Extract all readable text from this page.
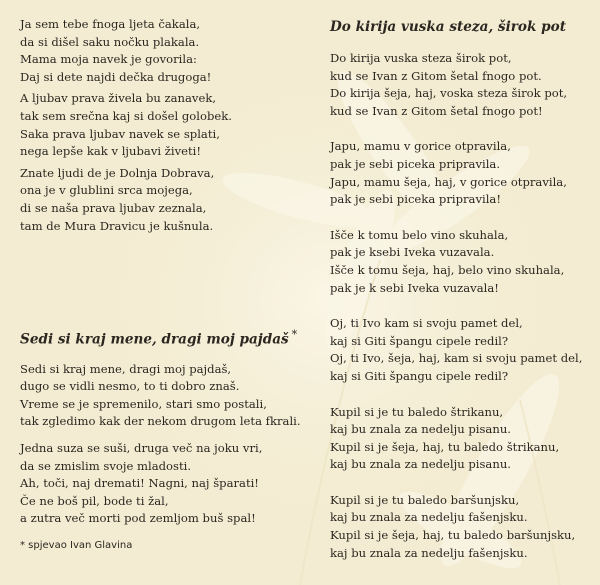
Ja sem tebe fnoga ljeta čakala,
da si dišel saku nočku plakala.
Mama moja navek je govorila:
Daj si dete najdi dečka drugoga!

A ljubav prava živela bu zanavek,
tak sem srečna kaj si došel golobek.
Saka prava ljubav navek se splati,
nega lepše kak v ljubavi živeti!

Znate ljudi de je Dolnja Dobrava,
ona je v glublini srca mojega,
di se naša prava ljubav zeznala,
tam de Mura Dravicu je kušnula.

Sedi si kraj mene, dragi moj pajdaš *

Sedi si kraj mene, dragi moj pajdaš,
dugo se vidli nesmo, to ti dobro znaš.
Vreme se je spremenilo, stari smo postali,
tak zgledimo kak der nekom drugom leta fkrali.

Jedna suza se suši, druga več na joku vri,
da se zmislim svoje mladosti.
Ah, toči, naj dremati! Nagni, naj šparati!
Če ne boš pil, bode ti žal,
a zutra več morti pod zemljom buš spal!

* spjevao Ivan Glavina
Do kirija vuska steza, širok pot

Do kirija vuska steza širok pot,
kud se Ivan z Gitom šetal fnogo pot.
Do kirija šeja, haj, voska steza širok pot,
kud se Ivan z Gitom šetal fnogo pot!

Japu, mamu v gorice otpravila,
pak je sebi piceka pripravila.
Japu, mamu šeja, haj, v gorice otpravila,
pak je sebi piceka pripravila!

Išče k tomu belo vino skuhala,
pak je ksebi Iveka vuzavala.
Išče k tomu šeja, haj, belo vino skuhala,
pak je k sebi Iveka vuzavala!

Oj, ti Ivo kam si svoju pamet del,
kaj si Giti špangu cipele redil?
Oj, ti Ivo, šeja, haj, kam si svoju pamet del,
kaj si Giti špangu cipele redil?

Kupil si je tu baledo štrikanu,
kaj bu znala za nedelju pisanu.
Kupil si je šeja, haj, tu baledo štrikanu,
kaj bu znala za nedelju pisanu.

Kupil si je tu baledo baršunjsku,
kaj bu znala za nedelju fašenjsku.
Kupil si je šeja, haj, tu baledo baršunjsku,
kaj bu znala za nedelju fašenjsku.
